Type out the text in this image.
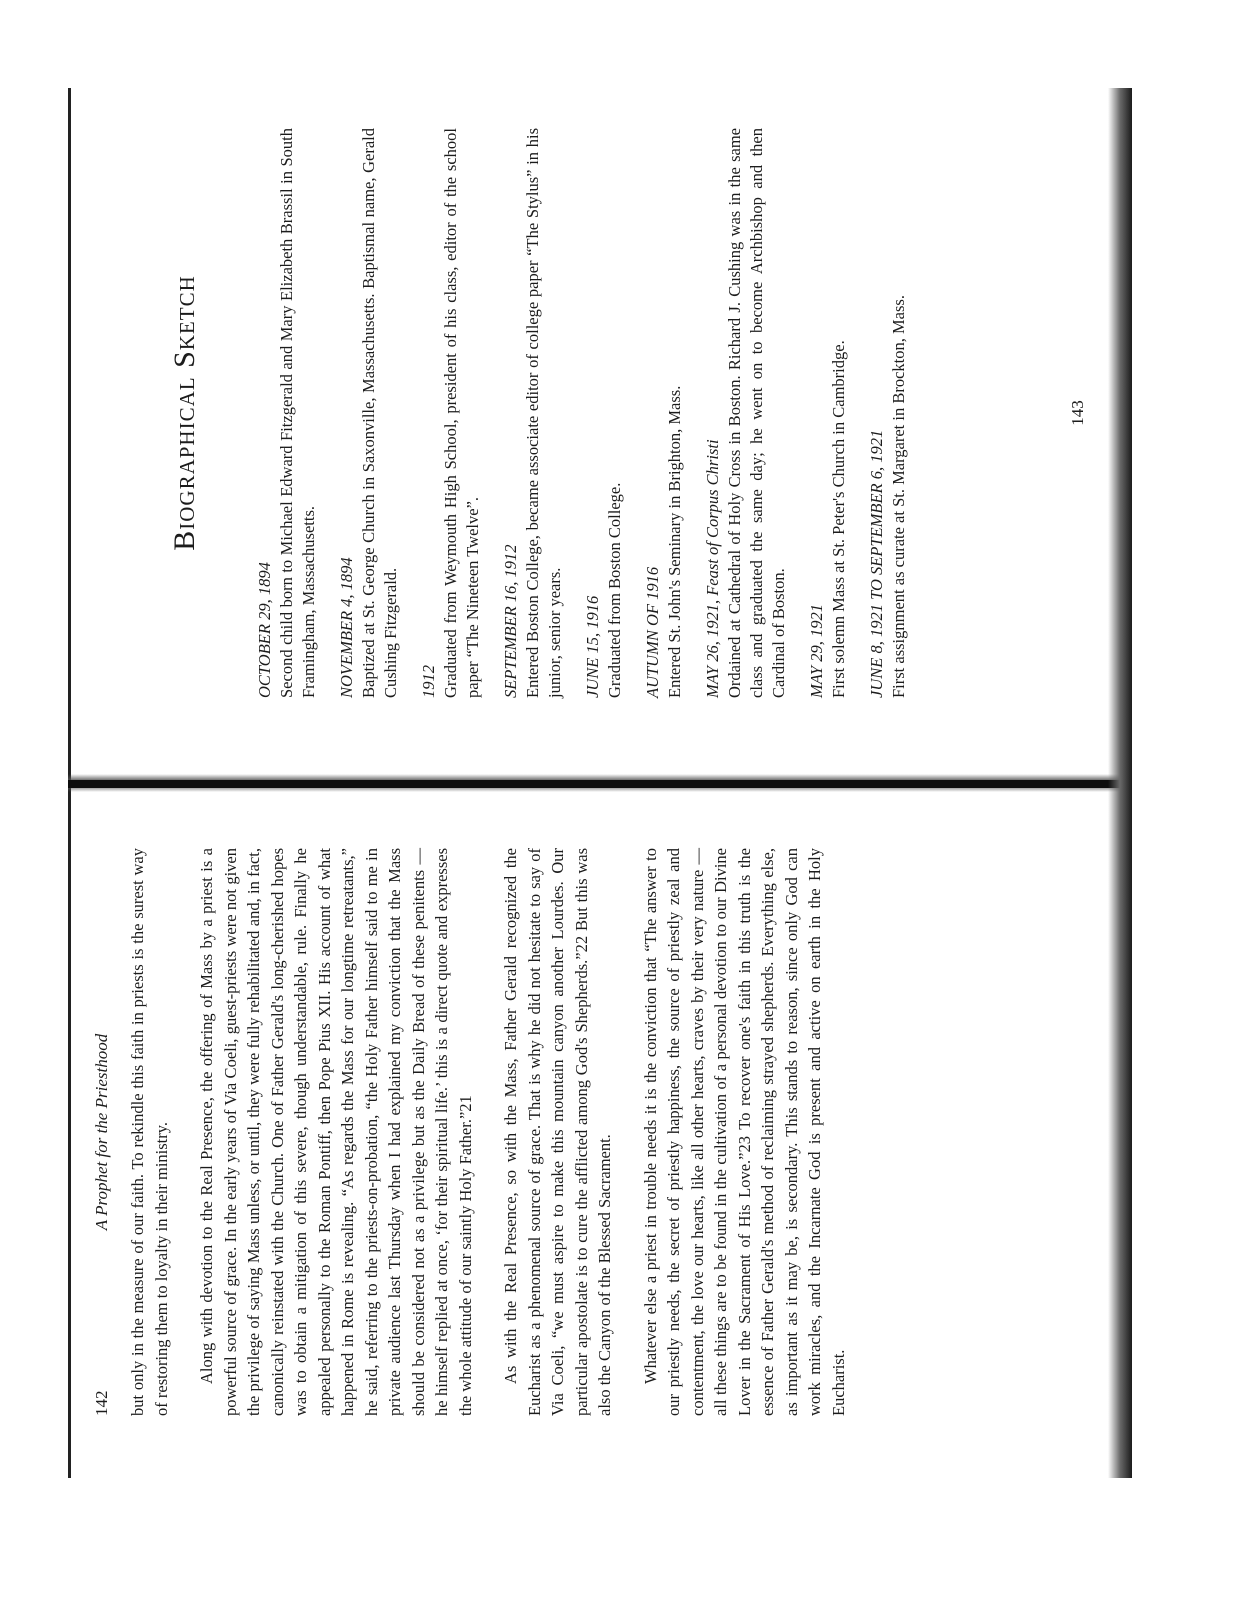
142
A Prophet for the Priesthood but only in the measure of our faith. To rekindle this faith in priests is the surest way of restoring them to loyalty in their ministry. Along with devotion to the Real Presence, the offering of Mass by a priest is a powerful source of grace. In the early years of Via Coeli, guest-priests were not given the privilege of saying Mass unless, or until, they were fully rehabilitated and, in fact, canonically reinstated with the Church. One of Father Gerald's long-cherished hopes was to obtain a mitigation of this severe, though understandable, rule. Finally he appealed personally to the Roman Pontiff, then Pope Pius XII. His account of what happened in Rome is revealing. “As regards the Mass for our longtime retreatants,” he said, referring to the priests-on-probation, “the Holy Father himself said to me in private audience last Thursday when I had explained my conviction that the Mass should be considered not as a privilege but as the Daily Bread of these penitents — he himself replied at once, ‘for their spiritual life.’ this is a direct quote and expresses the whole attitude of our saintly Holy Father.”21 As with the Real Presence, so with the Mass, Father Gerald recognized the Eucharist as a phenomenal source of grace. That is why he did not hesitate to say of Via Coeli, “we must aspire to make this mountain canyon another Lourdes. Our particular apostolate is to cure the afflicted among God's Shepherds.”22 But this was also the Canyon of the Blessed Sacrament. Whatever else a priest in trouble needs it is the conviction that “The answer to our priestly needs, the secret of priestly happiness, the source of priestly zeal and contentment, the love our hearts, like all other hearts, craves by their very nature — all these things are to be found in the cultivation of a personal devotion to our Divine Lover in the Sacrament of His Love.”23 To recover one's faith in this truth is the essence of Father Gerald's method of reclaiming strayed shepherds. Everything else, as important as it may be, is secondary. This stands to reason, since only God can work miracles, and the Incarnate God is present and active on earth in the Holy Eucharist.

Biographical Sketch
OCTOBER 29, 1894 Second child born to Michael Edward Fitzgerald and Mary Elizabeth Brassil in South Framingham, Massachusetts. NOVEMBER 4, 1894 Baptized at St. George Church in Saxonville, Massachusetts. Baptismal name, Gerald Cushing Fitzgerald. 1912 Graduated from Weymouth High School, president of his class, editor of the school paper “The Nineteen Twelve”. SEPTEMBER 16, 1912 Entered Boston College, became associate editor of college paper “The Stylus” in his junior, senior years. JUNE 15, 1916 Graduated from Boston College. AUTUMN OF 1916 Entered St. John's Seminary in Brighton, Mass. MAY 26, 1921, Feast of Corpus Christi Ordained at Cathedral of Holy Cross in Boston. Richard J. Cushing was in the same class and graduated the same day; he went on to become Archbishop and then Cardinal of Boston. MAY 29, 1921 First solemn Mass at St. Peter's Church in Cambridge. JUNE 8, 1921 TO SEPTEMBER 6, 1921 First assignment as curate at St. Margaret in Brockton, Mass.	143
